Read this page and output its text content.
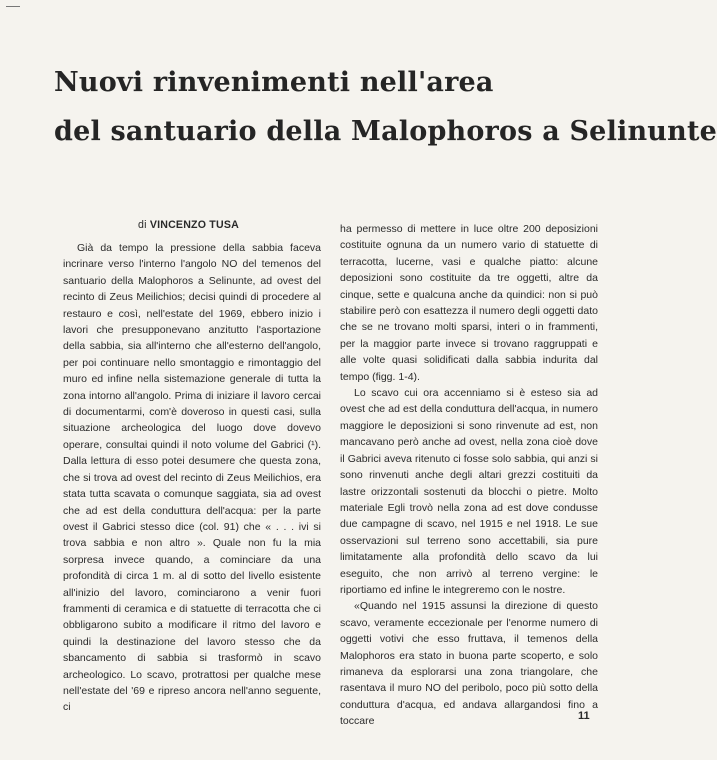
Nuovi rinvenimenti nell'area
del santuario della Malophoros a Selinunte
di VINCENZO TUSA

Già da tempo la pressione della sabbia faceva incrinare verso l'interno l'angolo NO del temenos del santuario della Malophoros a Selinunte, ad ovest del recinto di Zeus Meilichios; decisi quindi di procedere al restauro e così, nell'estate del 1969, ebbero inizio i lavori che presupponevano anzitutto l'asportazione della sabbia, sia all'interno che all'esterno dell'angolo, per poi continuare nello smontaggio e rimontaggio del muro ed infine nella sistemazione generale di tutta la zona intorno all'angolo. Prima di iniziare il lavoro cercai di documentarmi, com'è doveroso in questi casi, sulla situazione archeologica del luogo dove dovevo operare, consultai quindi il noto volume del Gabrici (¹). Dalla lettura di esso potei desumere che questa zona, che si trova ad ovest del recinto di Zeus Meilichios, era stata tutta scavata o comunque saggiata, sia ad ovest che ad est della conduttura dell'acqua: per la parte ovest il Gabrici stesso dice (col. 91) che « . . . ivi si trova sabbia e non altro ». Quale non fu la mia sorpresa invece quando, a cominciare da una profondità di circa 1 m. al di sotto del livello esistente all'inizio del lavoro, cominciarono a venir fuori frammenti di ceramica e di statuette di terracotta che ci obbligarono subito a modificare il ritmo del lavoro e quindi la destinazione del lavoro stesso che da sbancamento di sabbia si trasformò in scavo archeologico. Lo scavo, protrattosi per qualche mese nell'estate del '69 e ripreso ancora nell'anno seguente, ci

ha permesso di mettere in luce oltre 200 deposizioni costituite ognuna da un numero vario di statuette di terracotta, lucerne, vasi e qualche piatto: alcune deposizioni sono costituite da tre oggetti, altre da cinque, sette e qualcuna anche da quindici: non si può stabilire però con esattezza il numero degli oggetti dato che se ne trovano molti sparsi, interi o in frammenti, per la maggior parte invece si trovano raggruppati e alle volte quasi solidificati dalla sabbia indurita dal tempo (figg. 1-4).

Lo scavo cui ora accenniamo si è esteso sia ad ovest che ad est della conduttura dell'acqua, in numero maggiore le deposizioni si sono rinvenute ad est, non mancavano però anche ad ovest, nella zona cioè dove il Gabrici aveva ritenuto ci fosse solo sabbia, qui anzi si sono rinvenuti anche degli altari grezzi costituiti da lastre orizzontali sostenuti da blocchi o pietre. Molto materiale Egli trovò nella zona ad est dove condusse due campagne di scavo, nel 1915 e nel 1918. Le sue osservazioni sul terreno sono accettabili, sia pure limitatamente alla profondità dello scavo da lui eseguito, che non arrivò al terreno vergine: le riportiamo ed infine le integreremo con le nostre.

«Quando nel 1915 assunsi la direzione di questo scavo, veramente eccezionale per l'enorme numero di oggetti votivi che esso fruttava, il temenos della Malophoros era stato in buona parte scoperto, e solo rimaneva da esplorarsi una zona triangolare, che rasentava il muro NO del peribolo, poco più sotto della conduttura d'acqua, ed andava allargandosi fino a toccare	11
